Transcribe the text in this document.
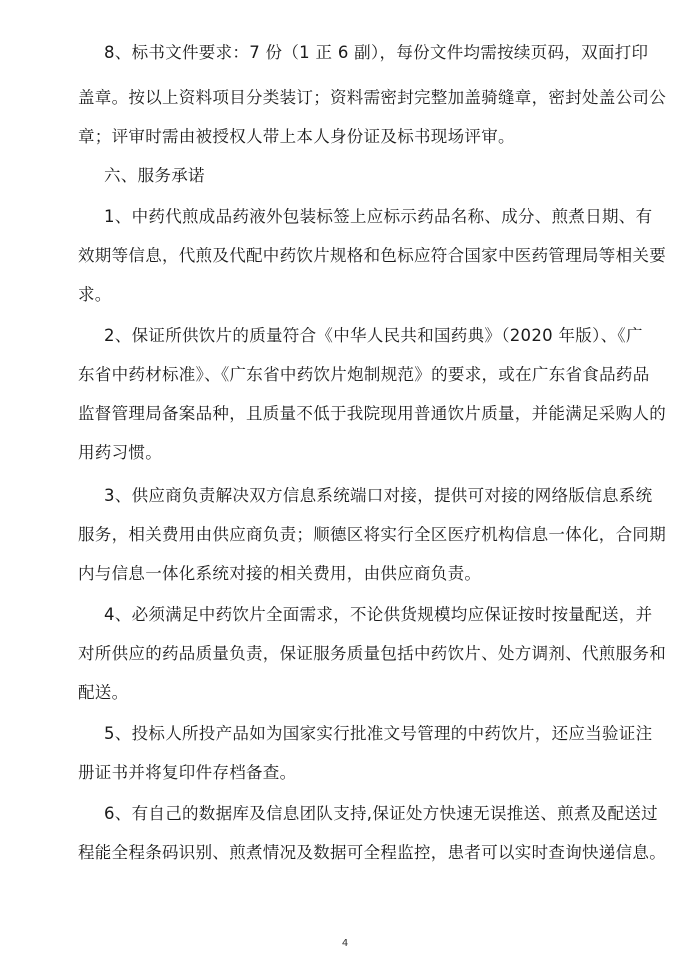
8、标书文件要求：7 份（1 正 6 副），每份文件均需按续页码，双面打印
盖章。按以上资料项目分类装订；资料需密封完整加盖骑缝章，密封处盖公司公
章；评审时需由被授权人带上本人身份证及标书现场评审。
六、服务承诺
1、中药代煎成品药液外包装标签上应标示药品名称、成分、煎煮日期、有
效期等信息，代煎及代配中药饮片规格和色标应符合国家中医药管理局等相关要
求。
2、保证所供饮片的质量符合《中华人民共和国药典》（2020 年版）、《广
东省中药材标准》、《广东省中药饮片炮制规范》的要求，或在广东省食品药品
监督管理局备案品种，且质量不低于我院现用普通饮片质量，并能满足采购人的
用药习惯。
3、供应商负责解决双方信息系统端口对接，提供可对接的网络版信息系统
服务，相关费用由供应商负责；顺德区将实行全区医疗机构信息一体化，合同期
内与信息一体化系统对接的相关费用，由供应商负责。
4、必须满足中药饮片全面需求，不论供货规模均应保证按时按量配送，并
对所供应的药品质量负责，保证服务质量包括中药饮片、处方调剂、代煎服务和
配送。
5、投标人所投产品如为国家实行批准文号管理的中药饮片，还应当验证注
册证书并将复印件存档备查。
6、有自己的数据库及信息团队支持,保证处方快速无误推送、煎煮及配送过
程能全程条码识别、煎煮情况及数据可全程监控，患者可以实时查询快递信息。
4
